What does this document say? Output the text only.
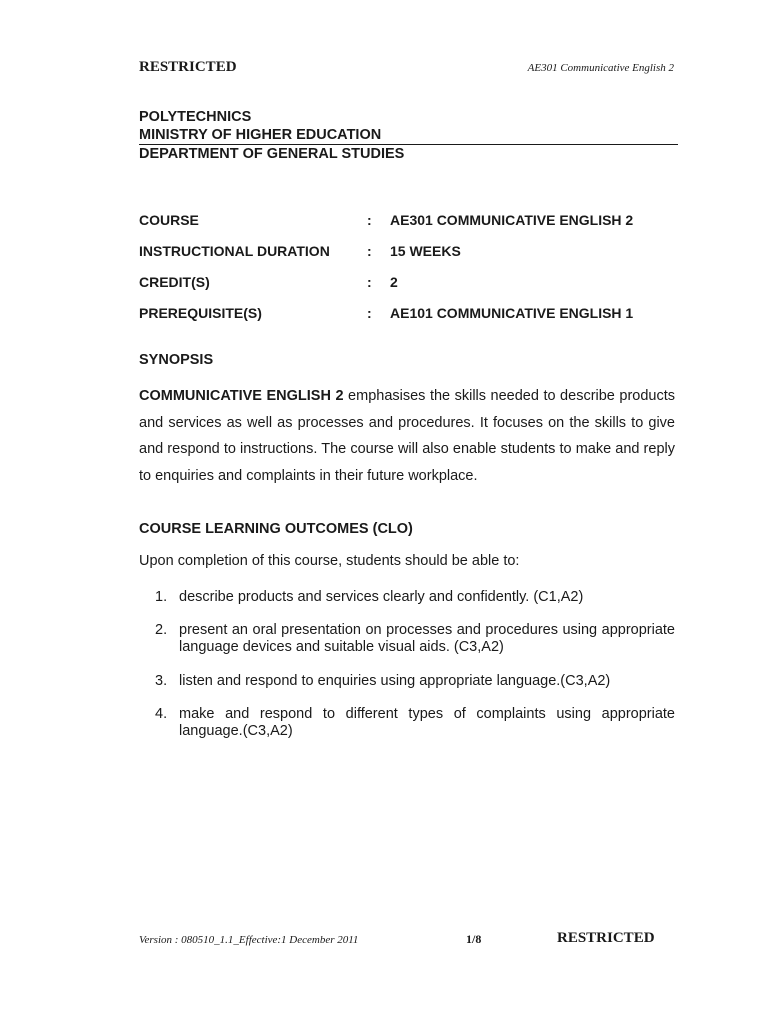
RESTRICTED	AE301 Communicative English 2
POLYTECHNICS
MINISTRY OF HIGHER EDUCATION
DEPARTMENT OF GENERAL STUDIES
COURSE	: AE301 COMMUNICATIVE ENGLISH 2
INSTRUCTIONAL DURATION	: 15 WEEKS
CREDIT(S)	: 2
PREREQUISITE(S)	: AE101 COMMUNICATIVE ENGLISH 1
SYNOPSIS

COMMUNICATIVE ENGLISH 2 emphasises the skills needed to describe products and services as well as processes and procedures. It focuses on the skills to give and respond to instructions. The course will also enable students to make and reply to enquiries and complaints in their future workplace.

COURSE LEARNING OUTCOMES (CLO)
Upon completion of this course, students should be able to:
1. describe products and services clearly and confidently. (C1,A2)
2. present an oral presentation on processes and procedures using appropriate language devices and suitable visual aids. (C3,A2)
3. listen and respond to enquiries using appropriate language.(C3,A2)
4. make and respond to different types of complaints using appropriate language.(C3,A2)
Version : 080510_1.1_Effective:1 December 2011	1/8	RESTRICTED
